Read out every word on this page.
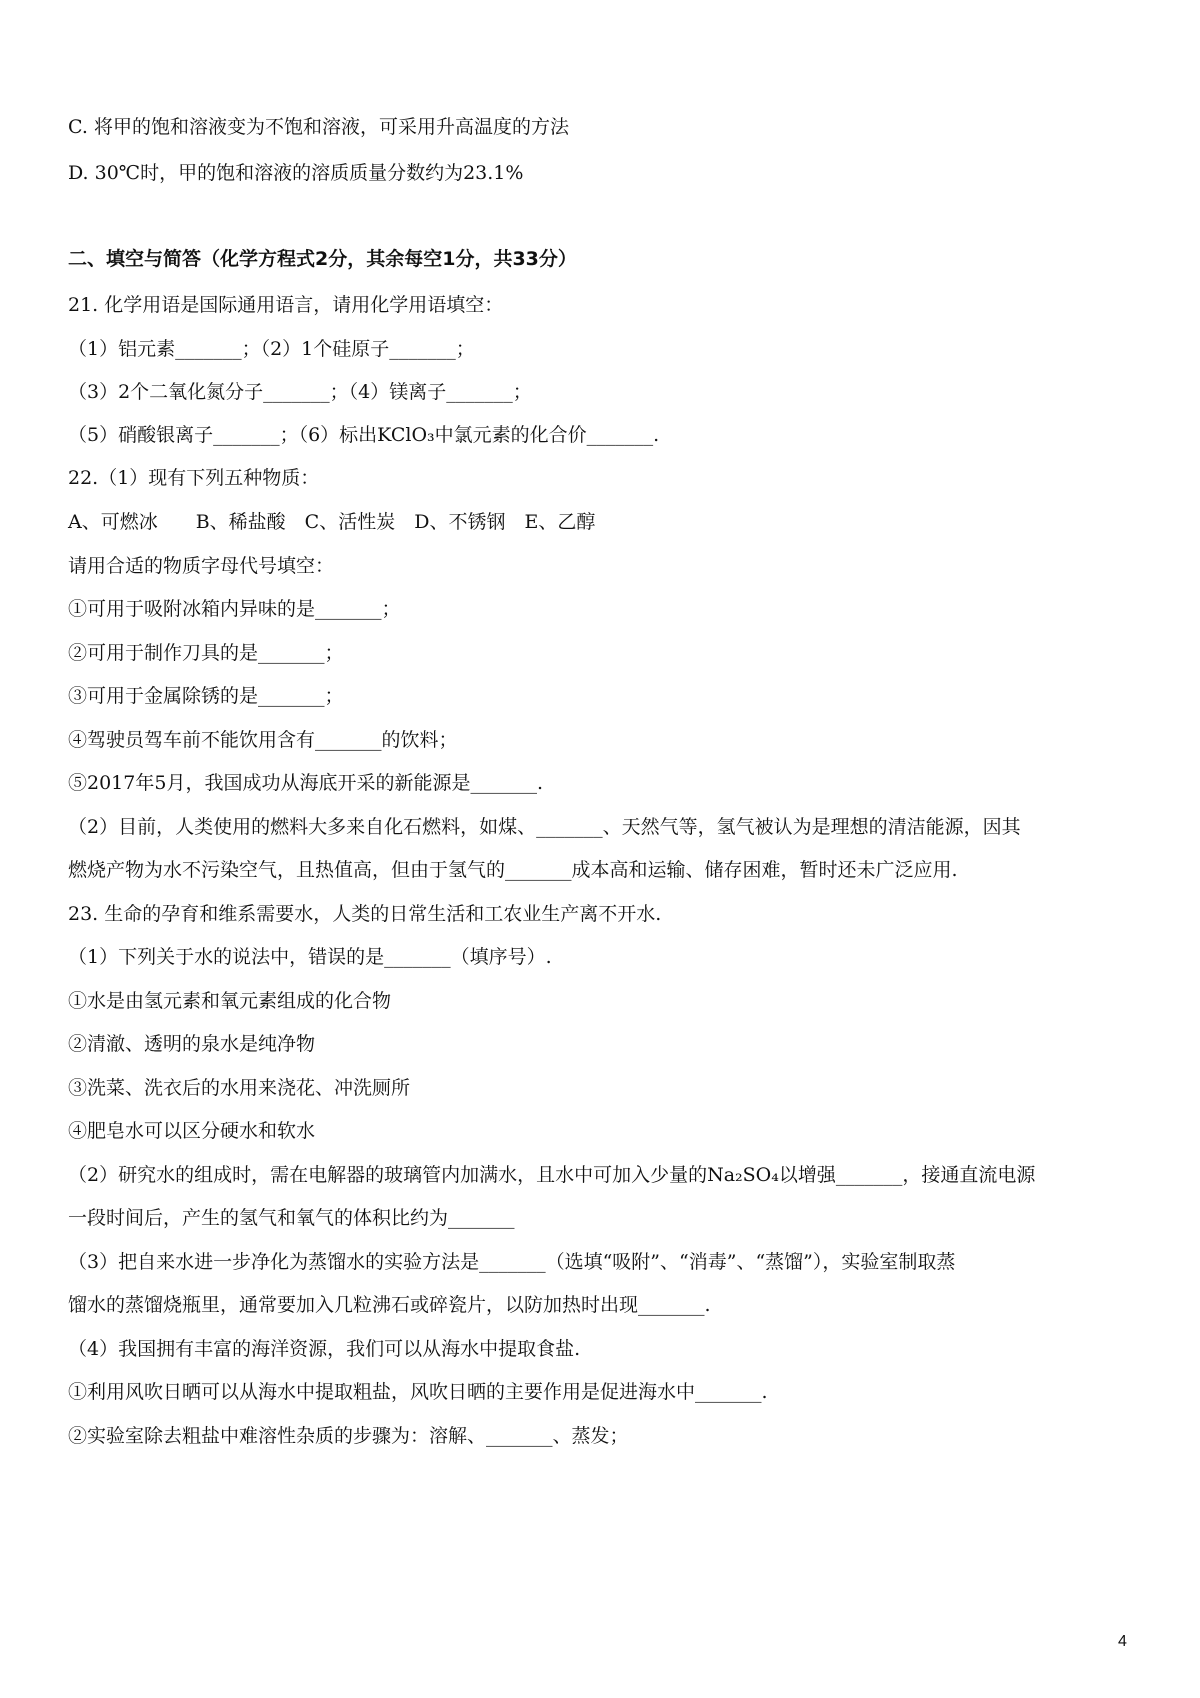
C. 将甲的饱和溶液变为不饱和溶液，可采用升高温度的方法
D. 30℃时，甲的饱和溶液的溶质质量分数约为23.1%
二、填空与简答（化学方程式2分，其余每空1分，共33分）
21. 化学用语是国际通用语言，请用化学用语填空：
（1）铝元素_______；（2）1个硅原子_______；
（3）2个二氧化氮分子_______；（4）镁离子_______；
（5）硝酸银离子_______；（6）标出KClO₃中氯元素的化合价_______.
22.（1）现有下列五种物质：
A、可燃冰　　B、稀盐酸　C、活性炭　D、不锈钢　E、乙醇
请用合适的物质字母代号填空：
①可用于吸附冰箱内异味的是_______；
②可用于制作刀具的是_______；
③可用于金属除锈的是_______；
④驾驶员驾车前不能饮用含有_______的饮料；
⑤2017年5月，我国成功从海底开采的新能源是_______.
（2）目前，人类使用的燃料大多来自化石燃料，如煤、_______、天然气等，氢气被认为是理想的清洁能源，因其
燃烧产物为水不污染空气，且热值高，但由于氢气的_______成本高和运输、储存困难，暂时还未广泛应用.
23. 生命的孕育和维系需要水，人类的日常生活和工农业生产离不开水.
（1）下列关于水的说法中，错误的是_______（填序号）.
①水是由氢元素和氧元素组成的化合物
②清澈、透明的泉水是纯净物
③洗菜、洗衣后的水用来浇花、冲洗厕所
④肥皂水可以区分硬水和软水
（2）研究水的组成时，需在电解器的玻璃管内加满水，且水中可加入少量的Na₂SO₄以增强_______，接通直流电源
一段时间后，产生的氢气和氧气的体积比约为_______
（3）把自来水进一步净化为蒸馏水的实验方法是_______（选填“吸附”、“消毒”、“蒸馏”），实验室制取蒸
馏水的蒸馏烧瓶里，通常要加入几粒沸石或碎瓷片，以防加热时出现_______.
（4）我国拥有丰富的海洋资源，我们可以从海水中提取食盐.
①利用风吹日晒可以从海水中提取粗盐，风吹日晒的主要作用是促进海水中_______.
②实验室除去粗盐中难溶性杂质的步骤为：溶解、_______、蒸发；
4
